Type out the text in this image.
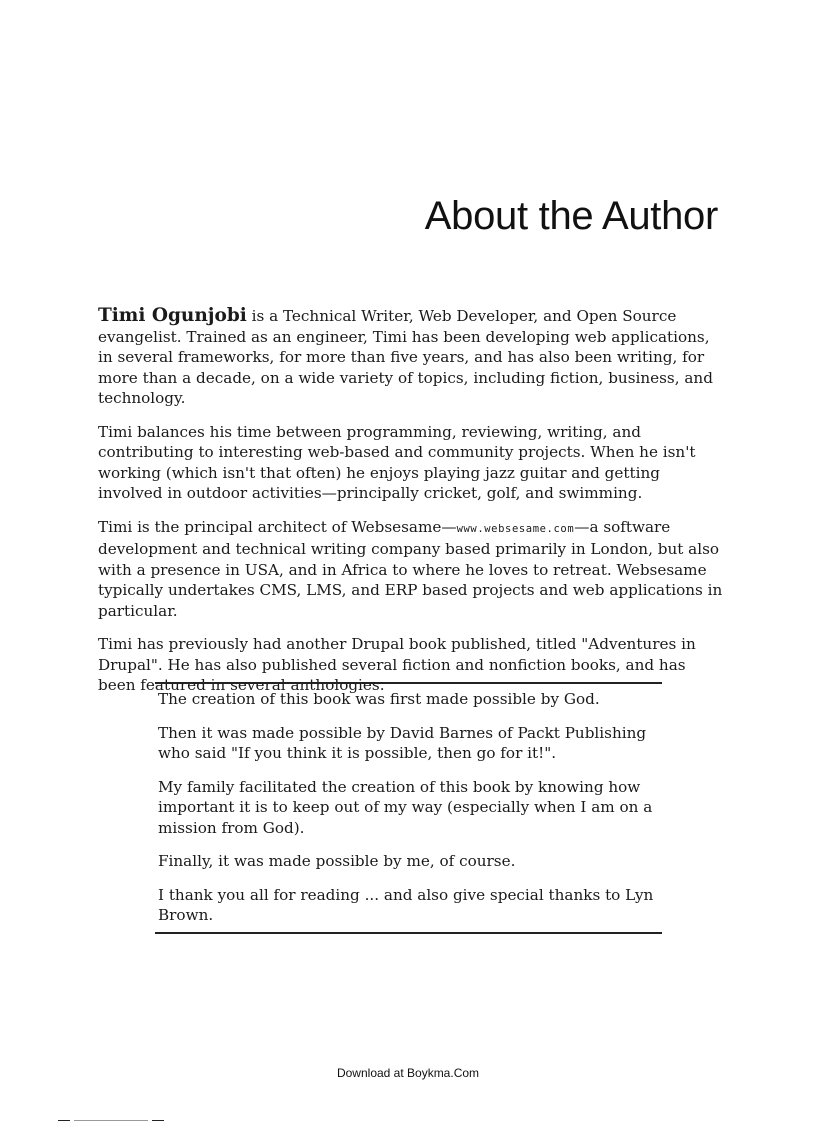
About the Author

Timi Ogunjobi is a Technical Writer, Web Developer, and Open Source evangelist. Trained as an engineer, Timi has been developing web applications, in several frameworks, for more than five years, and has also been writing, for more than a decade, on a wide variety of topics, including fiction, business, and technology.

Timi balances his time between programming, reviewing, writing, and contributing to interesting web-based and community projects. When he isn't working (which isn't that often) he enjoys playing jazz guitar and getting involved in outdoor activities—principally cricket, golf, and swimming.

Timi is the principal architect of Websesame—www.websesame.com—a software development and technical writing company based primarily in London, but also with a presence in USA, and in Africa to where he loves to retreat. Websesame typically undertakes CMS, LMS, and ERP based projects and web applications in particular.

Timi has previously had another Drupal book published, titled "Adventures in Drupal". He has also published several fiction and nonfiction books, and has been featured in several anthologies.

The creation of this book was first made possible by God.

Then it was made possible by David Barnes of Packt Publishing who said "If you think it is possible, then go for it!".

My family facilitated the creation of this book by knowing how important it is to keep out of my way (especially when I am on a mission from God).

Finally, it was made possible by me, of course.

I thank you all for reading ... and also give special thanks to Lyn Brown.

Download at Boykma.Com
